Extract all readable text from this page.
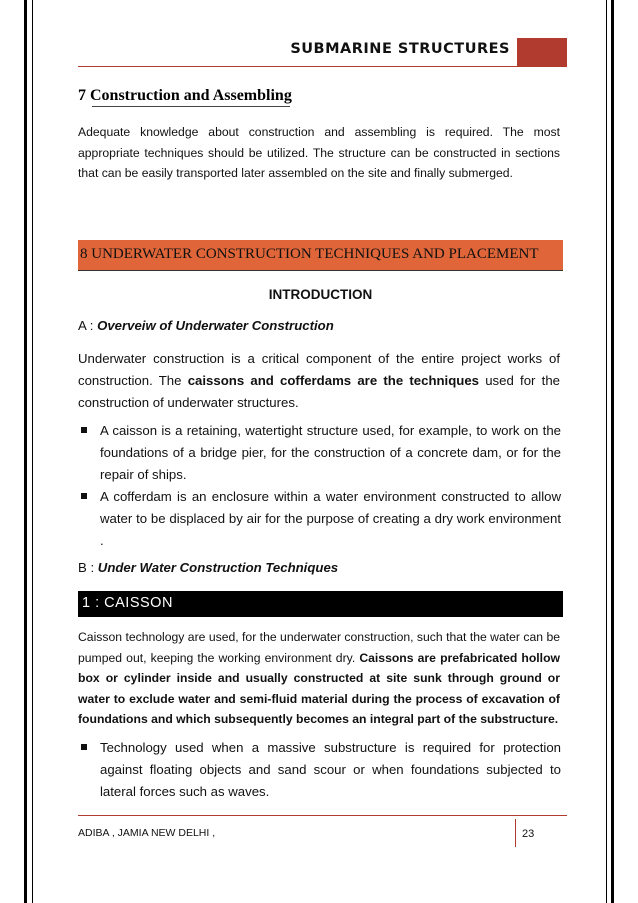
SUBMARINE STRUCTURES
7 Construction and Assembling
Adequate knowledge about construction and assembling is required. The most appropriate techniques should be utilized. The structure can be constructed in sections that can be easily transported later assembled on the site and finally submerged.
8 UNDERWATER CONSTRUCTION TECHNIQUES AND PLACEMENT
INTRODUCTION
A : Overveiw of Underwater Construction
Underwater construction is a critical component of the entire project works of construction. The caissons and cofferdams are the techniques used for the construction of underwater structures.
A caisson is a retaining, watertight structure used, for example, to work on the foundations of a bridge pier, for the construction of a concrete dam, or for the repair of ships.
A cofferdam is an enclosure within a water environment constructed to allow water to be displaced by air for the purpose of creating a dry work environment .
B : Under Water Construction Techniques
1 : CAISSON
Caisson technology are used, for the underwater construction, such that the water can be pumped out, keeping the working environment dry. Caissons are prefabricated hollow box or cylinder inside and usually constructed at site sunk through ground or water to exclude water and semi-fluid material during the process of excavation of foundations and which subsequently becomes an integral part of the substructure.
Technology used when a massive substructure is required for protection against floating objects and sand scour or when foundations subjected to lateral forces such as waves.
ADIBA , JAMIA NEW DELHI ,	23
